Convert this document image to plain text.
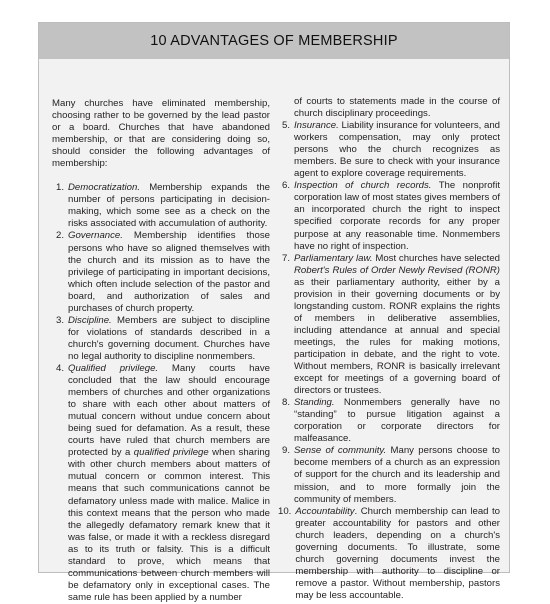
10 ADVANTAGES OF MEMBERSHIP

Many churches have eliminated membership, choosing rather to be governed by the lead pastor or a board. Churches that have abandoned membership, or that are considering doing so, should consider the following advantages of membership:

1. Democratization. Membership expands the number of persons participating in decision-making, which some see as a check on the risks associated with accumulation of authority.
2. Governance. Membership identifies those persons who have so aligned themselves with the church and its mission as to have the privilege of participating in important decisions, which often include selection of the pastor and board, and authorization of sales and purchases of church property.
3. Discipline. Members are subject to discipline for violations of standards described in a church's governing document. Churches have no legal authority to discipline nonmembers.
4. Qualified privilege. Many courts have concluded that the law should encourage members of churches and other organizations to share with each other about matters of mutual concern without undue concern about being sued for defamation. As a result, these courts have ruled that church members are protected by a qualified privilege when sharing with other church members about matters of mutual concern or common interest. This means that such communications cannot be defamatory unless made with malice. Malice in this context means that the person who made the allegedly defamatory remark knew that it was false, or made it with a reckless disregard as to its truth or falsity. This is a difficult standard to prove, which means that communications between church members will be defamatory only in exceptional cases. The same rule has been applied by a number

of courts to statements made in the course of church disciplinary proceedings.

5. Insurance. Liability insurance for volunteers, and workers compensation, may only protect persons who the church recognizes as members. Be sure to check with your insurance agent to explore coverage requirements.
6. Inspection of church records. The nonprofit corporation law of most states gives members of an incorporated church the right to inspect specified corporate records for any proper purpose at any reasonable time. Nonmembers have no right of inspection.
7. Parliamentary law. Most churches have selected Robert's Rules of Order Newly Revised (RONR) as their parliamentary authority, either by a provision in their governing documents or by longstanding custom. RONR explains the rights of members in deliberative assemblies, including attendance at annual and special meetings, the rules for making motions, participation in debate, and the right to vote. Without members, RONR is basically irrelevant except for meetings of a governing board of directors or trustees.
8. Standing. Nonmembers generally have no “standing” to pursue litigation against a corporation or corporate directors for malfeasance.
9. Sense of community. Many persons choose to become members of a church as an expression of support for the church and its leadership and mission, and to more formally join the community of members.
10. Accountability. Church membership can lead to greater accountability for pastors and other church leaders, depending on a church's governing documents. To illustrate, some church governing documents invest the membership with authority to discipline or remove a pastor. Without membership, pastors may be less accountable.
